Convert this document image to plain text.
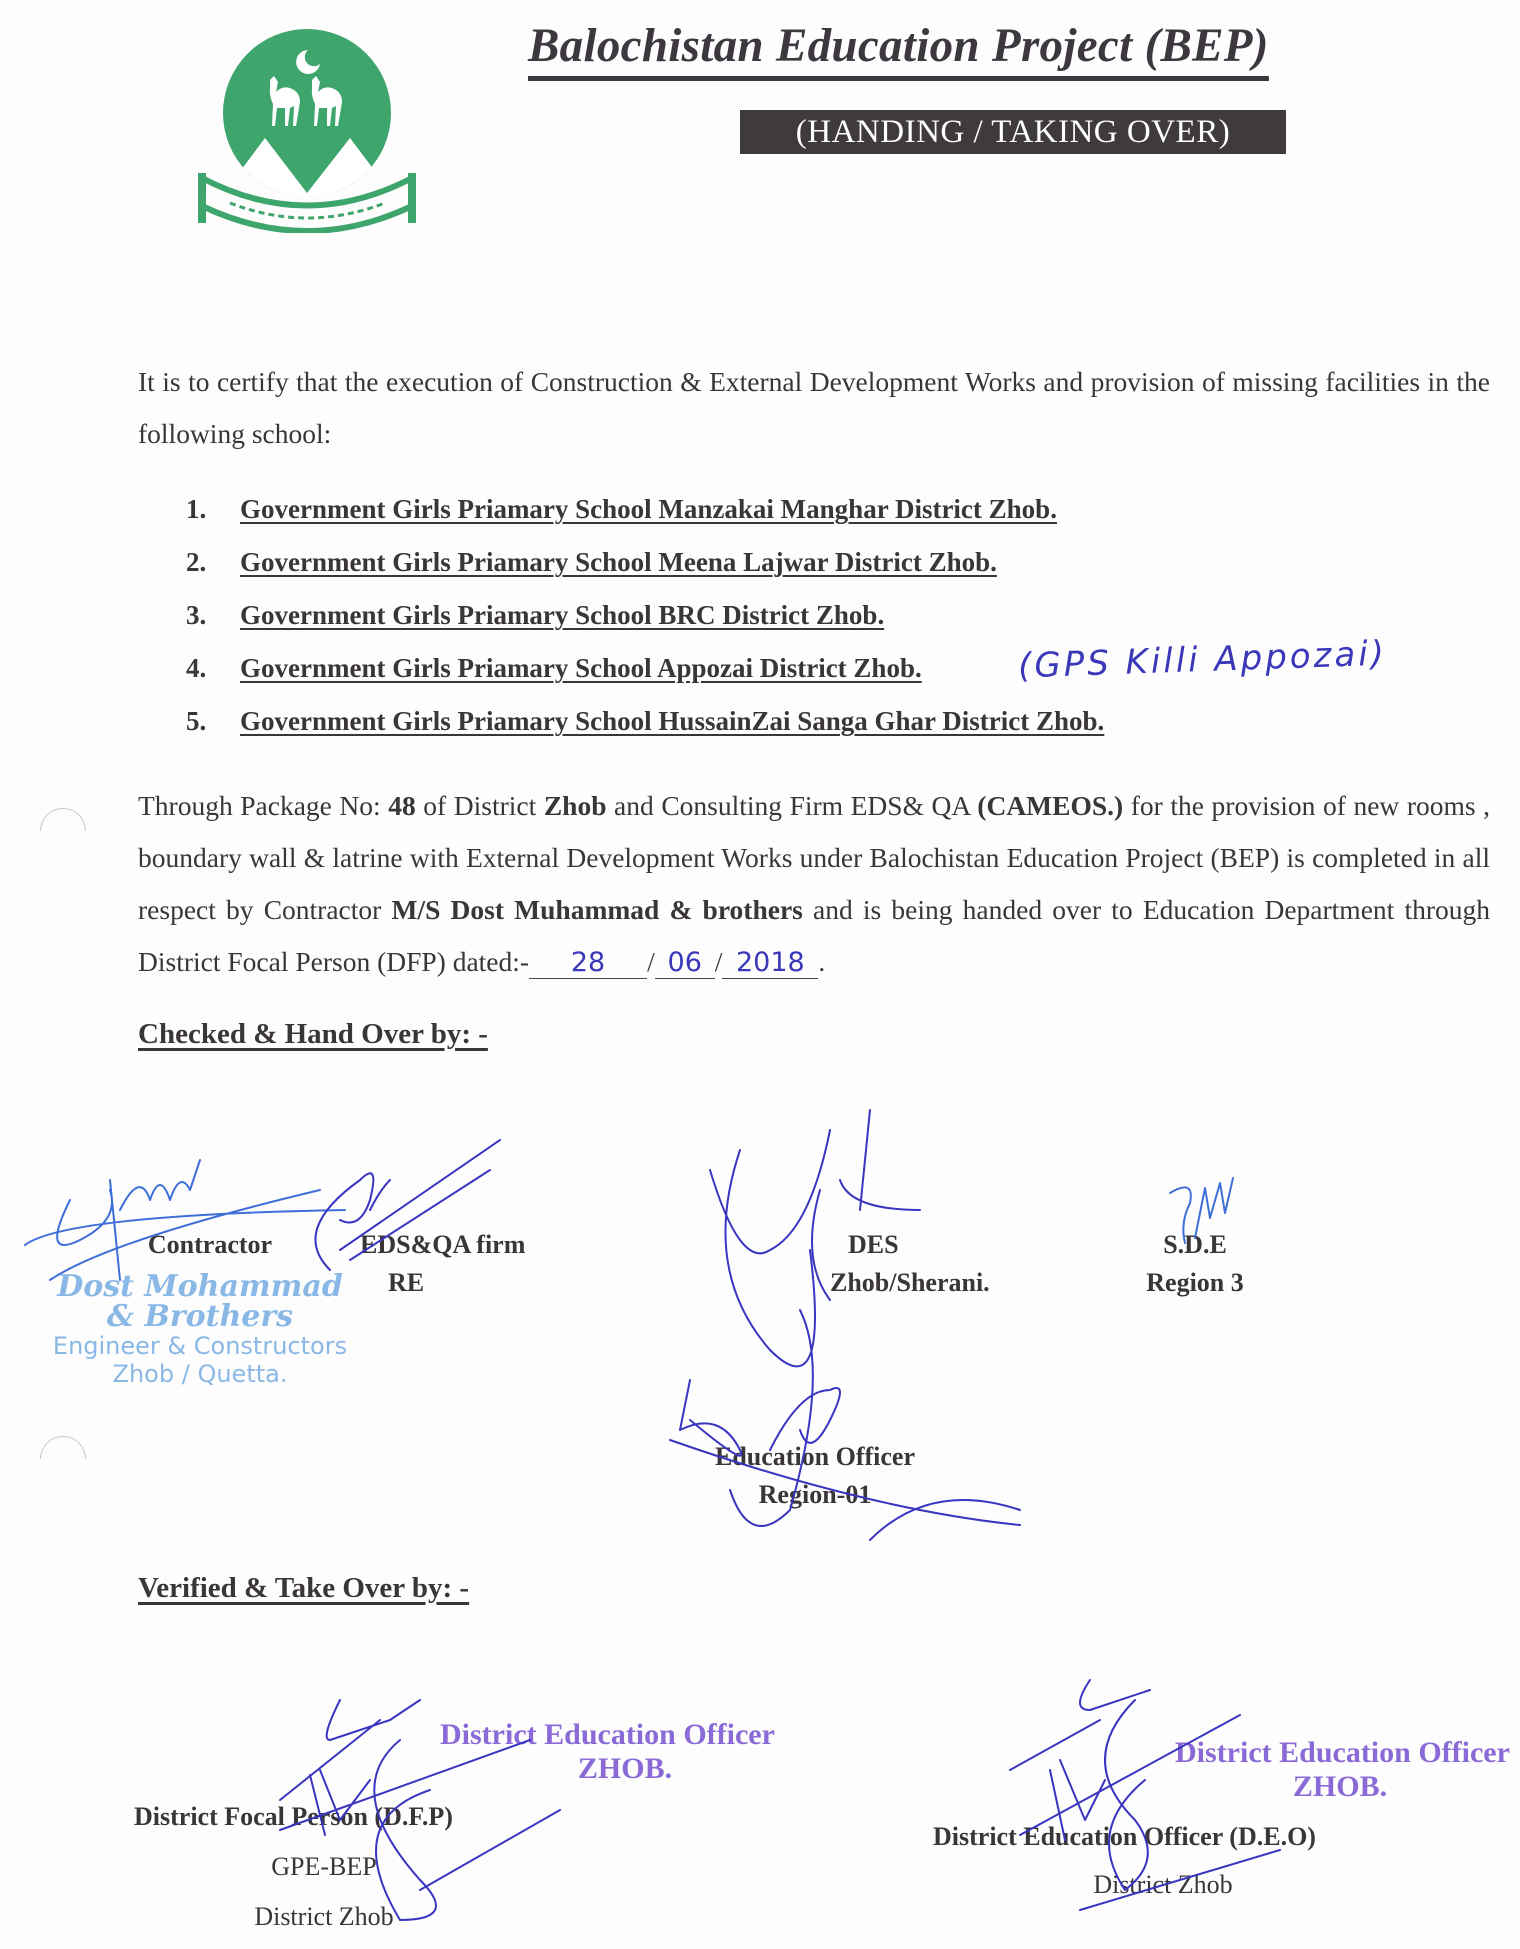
Balochistan Education Project (BEP)
(HANDING / TAKING OVER)
It is to certify that the execution of Construction & External Development Works and provision of missing facilities in the following school:
1. Government Girls Priamary School Manzakai Manghar District Zhob.
2. Government Girls Priamary School Meena Lajwar District Zhob.
3. Government Girls Priamary School BRC District Zhob.
4. Government Girls Priamary School Appozai District Zhob.
5. Government Girls Priamary School HussainZai Sanga Ghar District Zhob.
(GPS Killi Appozai)
Through Package No: 48 of District Zhob and Consulting Firm EDS& QA (CAMEOS.) for the provision of new rooms , boundary wall & latrine with External Development Works under Balochistan Education Project (BEP) is completed in all respect by Contractor M/S Dost Muhammad & brothers and is being handed over to Education Department through District Focal Person (DFP) dated:- 28 / 06 / 2018 .
Checked & Hand Over by: -
Dost Mohammad
& Brothers
Engineer & Constructors
Zhob / Quetta.
Contractor	EDS&QA firm
RE
DES
Zhob/Sherani.
S.D.E
Region 3
Education Officer
Region-01
Verified & Take Over by: -
District Focal Person (D.F.P)
GPE-BEP
District Zhob
District Education Officer
ZHOB.
District Education Officer (D.E.O)
District Zhob
District Education Officer
ZHOB.
